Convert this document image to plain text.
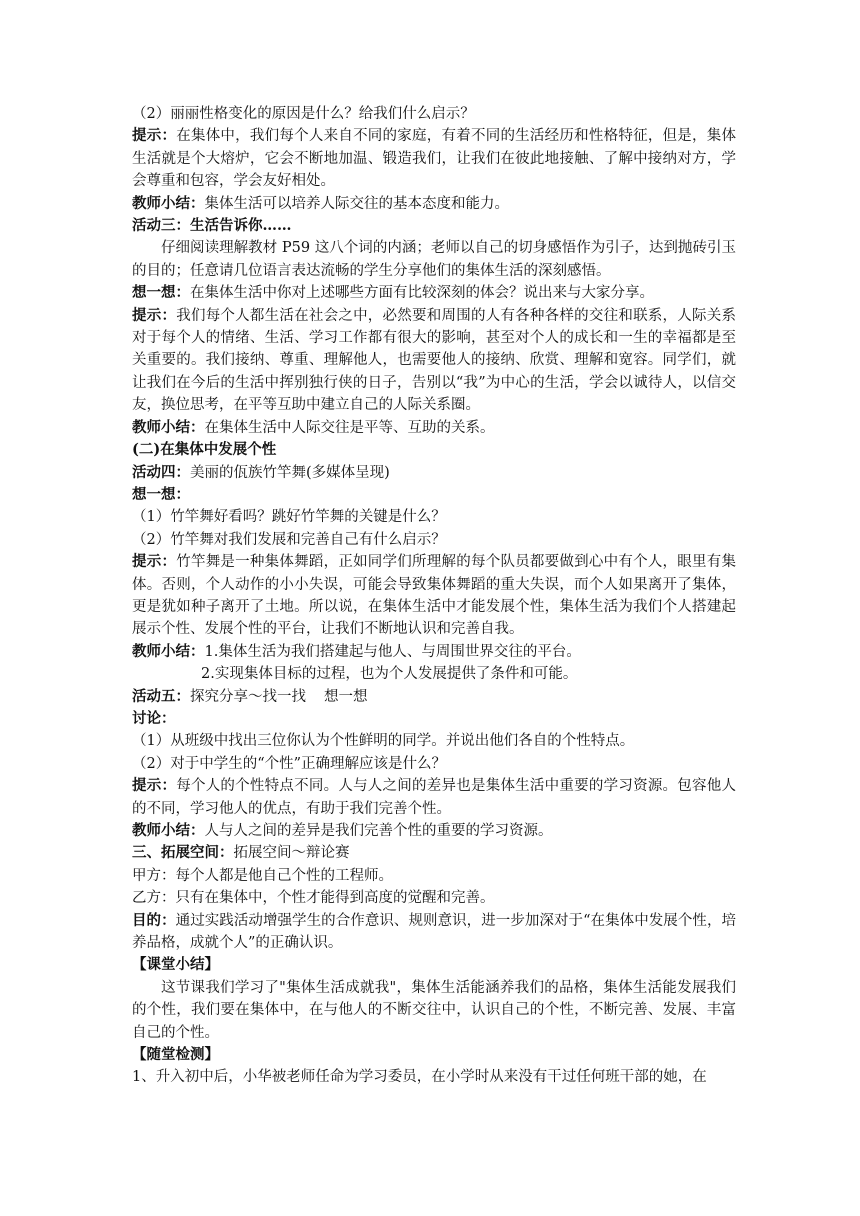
（2）丽丽性格变化的原因是什么？给我们什么启示？

提示：在集体中，我们每个人来自不同的家庭，有着不同的生活经历和性格特征，但是，集体生活就是个大熔炉，它会不断地加温、锻造我们，让我们在彼此地接触、了解中接纳对方，学会尊重和包容，学会友好相处。

教师小结：集体生活可以培养人际交往的基本态度和能力。

活动三：生活告诉你……

仔细阅读理解教材 P59 这八个词的内涵；老师以自己的切身感悟作为引子，达到抛砖引玉的目的；任意请几位语言表达流畅的学生分享他们的集体生活的深刻感悟。

想一想：在集体生活中你对上述哪些方面有比较深刻的体会？说出来与大家分享。

提示：我们每个人都生活在社会之中，必然要和周围的人有各种各样的交往和联系，人际关系对于每个人的情绪、生活、学习工作都有很大的影响，甚至对个人的成长和一生的幸福都是至关重要的。我们接纳、尊重、理解他人，也需要他人的接纳、欣赏、理解和宽容。同学们，就让我们在今后的生活中挥别独行侠的日子，告别以“我”为中心的生活，学会以诚待人，以信交友，换位思考，在平等互助中建立自己的人际关系圈。

教师小结：在集体生活中人际交往是平等、互助的关系。

(二)在集体中发展个性

活动四：美丽的佤族竹竿舞(多媒体呈现)

想一想：

（1）竹竿舞好看吗？跳好竹竿舞的关键是什么？

（2）竹竿舞对我们发展和完善自己有什么启示？

提示：竹竿舞是一种集体舞蹈，正如同学们所理解的每个队员都要做到心中有个人，眼里有集体。否则，个人动作的小小失误，可能会导致集体舞蹈的重大失误，而个人如果离开了集体，更是犹如种子离开了土地。所以说，在集体生活中才能发展个性，集体生活为我们个人搭建起展示个性、发展个性的平台，让我们不断地认识和完善自我。

教师小结：1.集体生活为我们搭建起与他人、与周围世界交往的平台。

2.实现集体目标的过程，也为个人发展提供了条件和可能。

活动五：探究分享～找一找 想一想

讨论：

（1）从班级中找出三位你认为个性鲜明的同学。并说出他们各自的个性特点。

（2）对于中学生的“个性”正确理解应该是什么？

提示：每个人的个性特点不同。人与人之间的差异也是集体生活中重要的学习资源。包容他人的不同，学习他人的优点，有助于我们完善个性。

教师小结：人与人之间的差异是我们完善个性的重要的学习资源。

三、拓展空间：拓展空间～辩论赛

甲方：每个人都是他自己个性的工程师。

乙方：只有在集体中，个性才能得到高度的觉醒和完善。

目的：通过实践活动增强学生的合作意识、规则意识，进一步加深对于“在集体中发展个性，培养品格，成就个人”的正确认识。

【课堂小结】

这节课我们学习了"集体生活成就我"，集体生活能涵养我们的品格，集体生活能发展我们的个性，我们要在集体中，在与他人的不断交往中，认识自己的个性，不断完善、发展、丰富自己的个性。

【随堂检测】

1、升入初中后，小华被老师任命为学习委员，在小学时从来没有干过任何班干部的她，在
